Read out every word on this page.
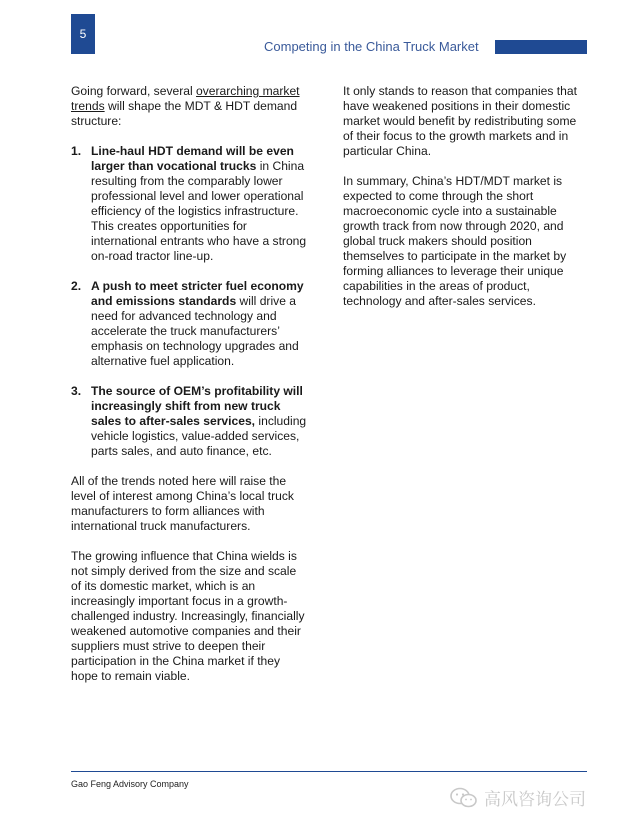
5
Competing in the China Truck Market

Going forward, several overarching market trends will shape the MDT & HDT demand structure:

1. Line-haul HDT demand will be even larger than vocational trucks in China resulting from the comparably lower professional level and lower operational efficiency of the logistics infrastructure. This creates opportunities for international entrants who have a strong on-road tractor line-up.
2. A push to meet stricter fuel economy and emissions standards will drive a need for advanced technology and accelerate the truck manufacturers’ emphasis on technology upgrades and alternative fuel application.
3. The source of OEM’s profitability will increasingly shift from new truck sales to after-sales services, including vehicle logistics, value-added services, parts sales, and auto finance, etc.

All of the trends noted here will raise the level of interest among China’s local truck manufacturers to form alliances with international truck manufacturers.

The growing influence that China wields is not simply derived from the size and scale of its domestic market, which is an increasingly important focus in a growth-challenged industry. Increasingly, financially weakened automotive companies and their suppliers must strive to deepen their participation in the China market if they hope to remain viable.

It only stands to reason that companies that have weakened positions in their domestic market would benefit by redistributing some of their focus to the growth markets and in particular China.

In summary, China’s HDT/MDT market is expected to come through the short macroeconomic cycle into a sustainable growth track from now through 2020, and global truck makers should position themselves to participate in the market by forming alliances to leverage their unique capabilities in the areas of product, technology and after-sales services.

Gao Feng Advisory Company
高风咨询公司
